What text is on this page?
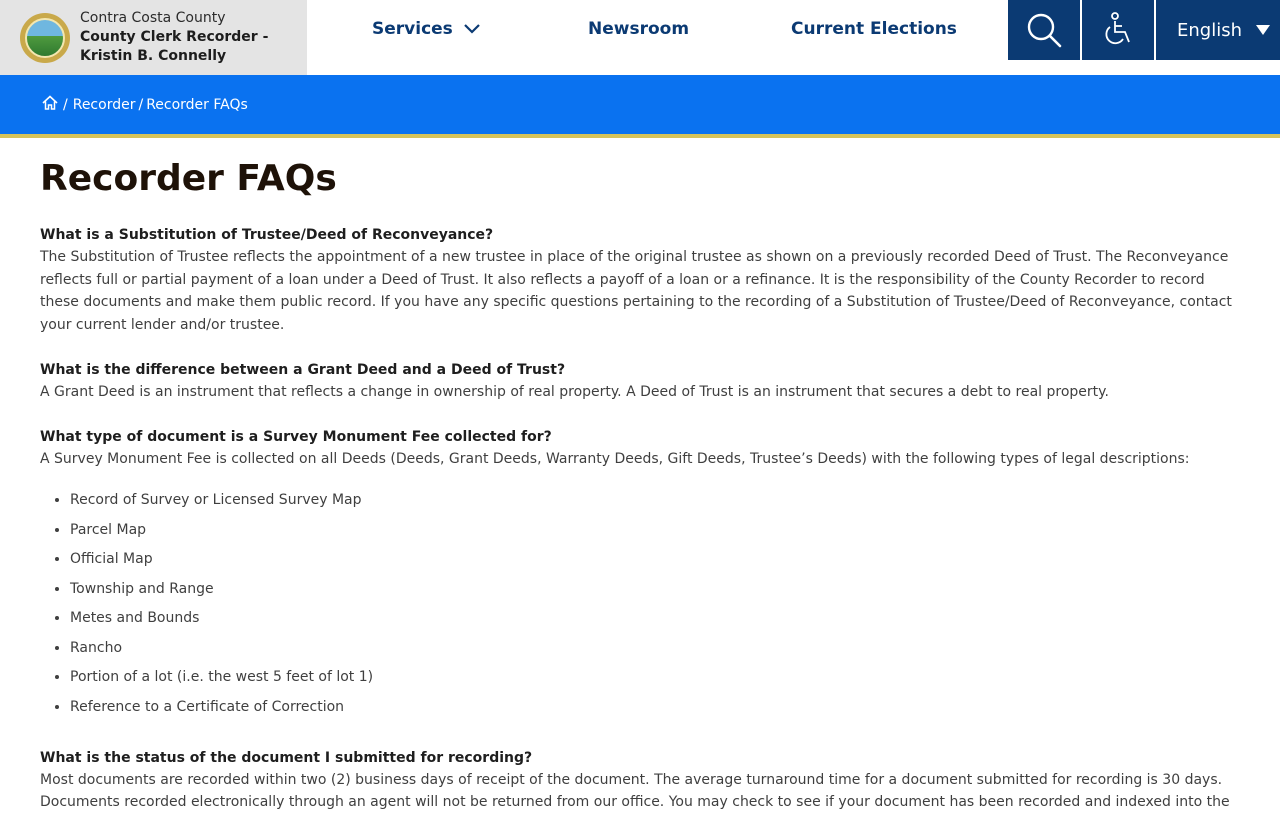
Contra Costa County
County Clerk Recorder -
Kristin B. Connelly
Services	Newsroom	Current Elections	English
/ Recorder / Recorder FAQs
Recorder FAQs
What is a Substitution of Trustee/Deed of Reconveyance?
The Substitution of Trustee reflects the appointment of a new trustee in place of the original trustee as shown on a previously recorded Deed of Trust. The Reconveyance reflects full or partial payment of a loan under a Deed of Trust. It also reflects a payoff of a loan or a refinance. It is the responsibility of the County Recorder to record these documents and make them public record. If you have any specific questions pertaining to the recording of a Substitution of Trustee/Deed of Reconveyance, contact your current lender and/or trustee.
What is the difference between a Grant Deed and a Deed of Trust?
A Grant Deed is an instrument that reflects a change in ownership of real property. A Deed of Trust is an instrument that secures a debt to real property.
What type of document is a Survey Monument Fee collected for?
A Survey Monument Fee is collected on all Deeds (Deeds, Grant Deeds, Warranty Deeds, Gift Deeds, Trustee’s Deeds) with the following types of legal descriptions:
• Record of Survey or Licensed Survey Map
• Parcel Map
• Official Map
• Township and Range
• Metes and Bounds
• Rancho
• Portion of a lot (i.e. the west 5 feet of lot 1)
• Reference to a Certificate of Correction
What is the status of the document I submitted for recording?
Most documents are recorded within two (2) business days of receipt of the document. The average turnaround time for a document submitted for recording is 30 days. Documents recorded electronically through an agent will not be returned from our office. You may check to see if your document has been recorded and indexed into the
